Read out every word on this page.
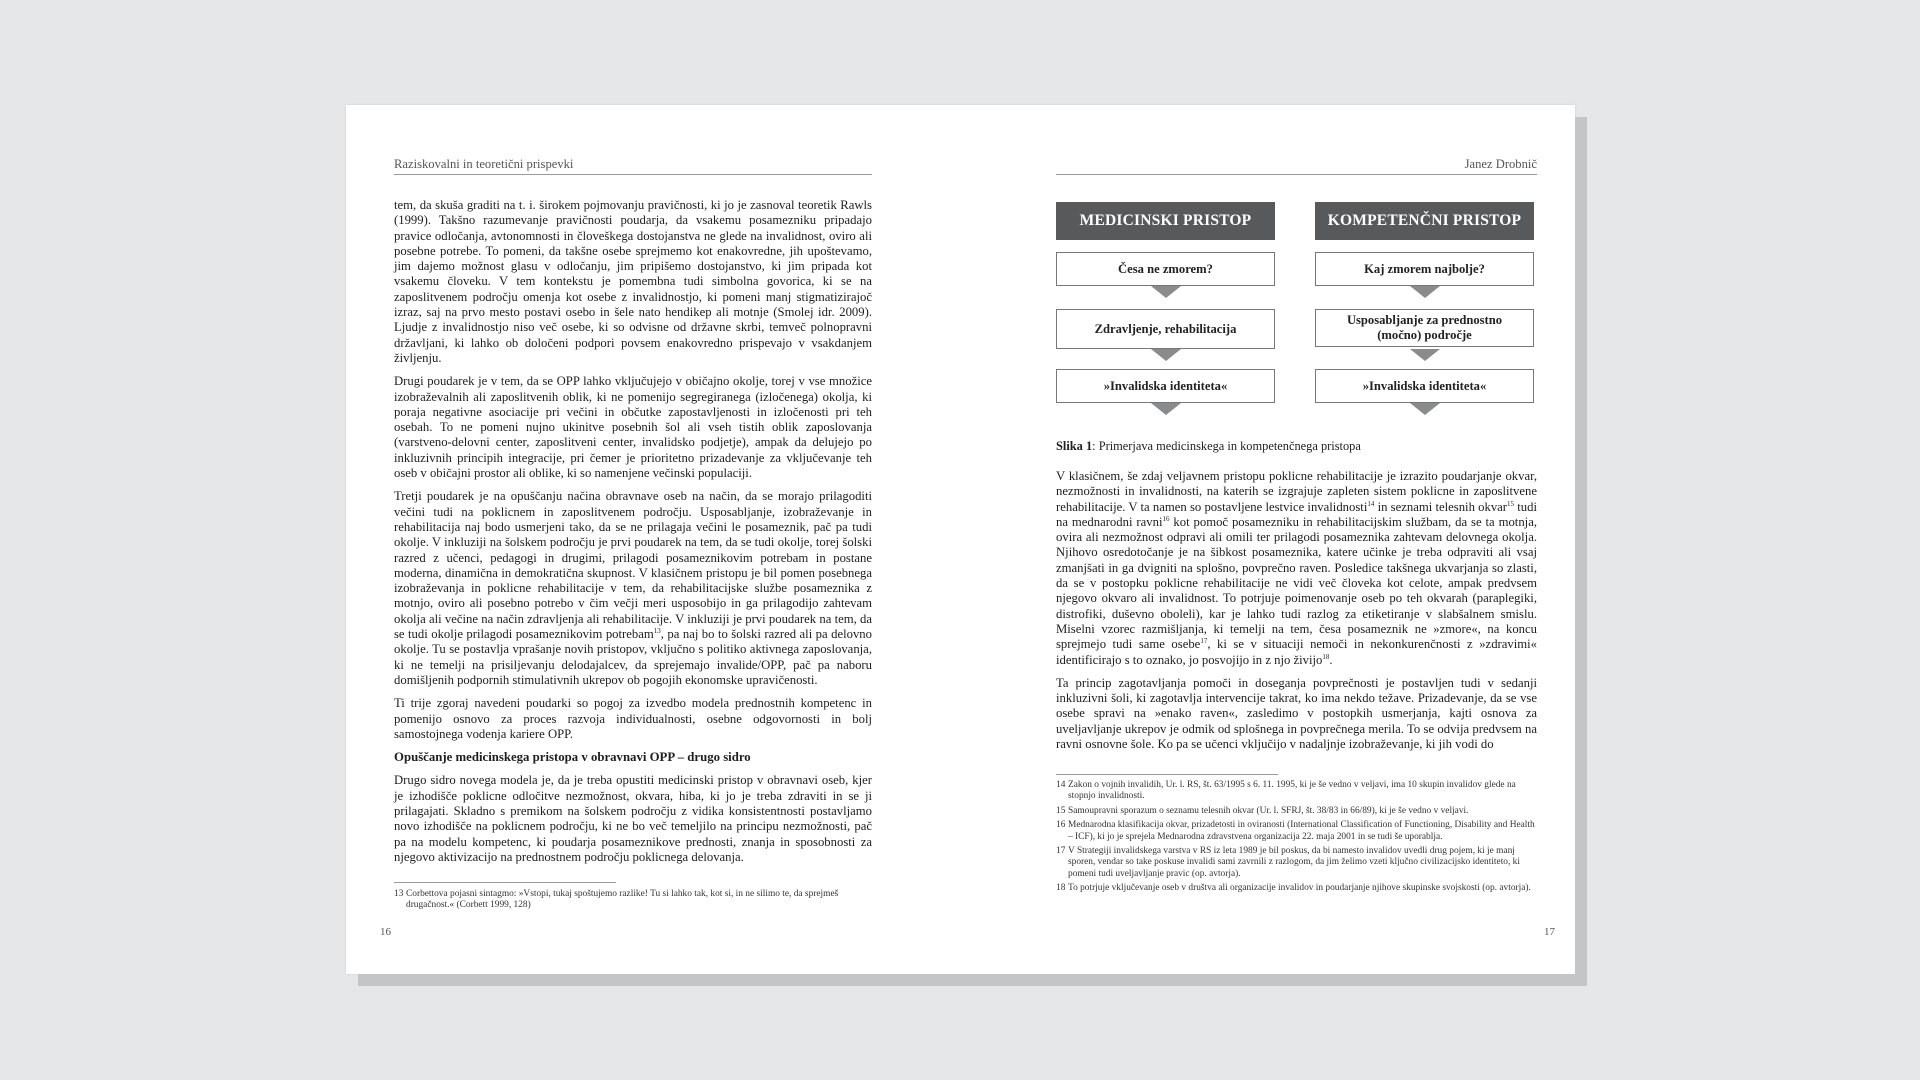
Raziskovalni in teoretični prispevki

tem, da skuša graditi na t. i. širokem pojmovanju pravičnosti, ki jo je zasnoval teoretik Rawls (1999). Takšno razumevanje pravičnosti poudarja, da vsakemu posamezniku pripadajo pravice odločanja, avtonomnosti in človeškega dostojanstva ne glede na invalidnost, oviro ali posebne potrebe. To pomeni, da takšne osebe sprejmemo kot enakovredne, jih upoštevamo, jim dajemo možnost glasu v odločanju, jim pripišemo dostojanstvo, ki jim pripada kot vsakemu človeku. V tem kontekstu je pomembna tudi simbolna govorica, ki se na zaposlitvenem področju omenja kot osebe z invalidnostjo, ki pomeni manj stigmatizirajoč izraz, saj na prvo mesto postavi osebo in šele nato hendikep ali motnje (Smolej idr. 2009). Ljudje z invalidnostjo niso več osebe, ki so odvisne od državne skrbi, temveč polnopravni državljani, ki lahko ob določeni podpori povsem enakovredno prispevajo v vsakdanjem življenju.

Drugi poudarek je v tem, da se OPP lahko vključujejo v običajno okolje, torej v vse množice izobraževalnih ali zaposlitvenih oblik, ki ne pomenijo segregiranega (izločenega) okolja, ki poraja negativne asociacije pri večini in občutke zapostavljenosti in izločenosti pri teh osebah. To ne pomeni nujno ukinitve posebnih šol ali vseh tistih oblik zaposlovanja (varstveno-delovni center, zaposlitveni center, invalidsko podjetje), ampak da delujejo po inkluzivnih principih integracije, pri čemer je prioritetno prizadevanje za vključevanje teh oseb v običajni prostor ali oblike, ki so namenjene večinski populaciji.

Tretji poudarek je na opuščanju načina obravnave oseb na način, da se morajo prilagoditi večini tudi na poklicnem in zaposlitvenem področju. Usposabljanje, izobraževanje in rehabilitacija naj bodo usmerjeni tako, da se ne prilagaja večini le posameznik, pač pa tudi okolje. V inkluziji na šolskem področju je prvi poudarek na tem, da se tudi okolje, torej šolski razred z učenci, pedagogi in drugimi, prilagodi posameznikovim potrebam in postane moderna, dinamična in demokratična skupnost. V klasičnem pristopu je bil pomen posebnega izobraževanja in poklicne rehabilitacije v tem, da rehabilitacijske službe posameznika z motnjo, oviro ali posebno potrebo v čim večji meri usposobijo in ga prilagodijo zahtevam okolja ali večine na način zdravljenja ali rehabilitacije. V inkluziji je prvi poudarek na tem, da se tudi okolje prilagodi posameznikovim potrebam$^{13}$, pa naj bo to šolski razred ali pa delovno okolje. Tu se postavlja vprašanje novih pristopov, vključno s politiko aktivnega zaposlovanja, ki ne temelji na prisiljevanju delodajalcev, da sprejemajo invalide/OPP, pač pa naboru domišljenih podpornih stimulativnih ukrepov ob pogojih ekonomske upravičenosti.

Ti trije zgoraj navedeni poudarki so pogoj za izvedbo modela prednostnih kompetenc in pomenijo osnovo za proces razvoja individualnosti, osebne odgovornosti in bolj samostojnega vodenja kariere OPP.

Opuščanje medicinskega pristopa v obravnavi OPP – drugo sidro

Drugo sidro novega modela je, da je treba opustiti medicinski pristop v obravnavi oseb, kjer je izhodišče poklicne odločitve nezmožnost, okvara, hiba, ki jo je treba zdraviti in se ji prilagajati. Skladno s premikom na šolskem področju z vidika konsistentnosti postavljamo novo izhodišče na poklicnem področju, ki ne bo več temeljilo na principu nezmožnosti, pač pa na modelu kompetenc, ki poudarja posameznikove prednosti, znanja in sposobnosti za njegovo aktivizacijo na prednostnem področju poklicnega delovanja.

13 Corbettova pojasni sintagmo: »Vstopi, tukaj spoštujemo razlike! Tu si lahko tak, kot si, in ne silimo te, da sprejmeš drugačnost.« (Corbett 1999, 128)
16
Janez Drobnič
MEDICINSKI PRISTOP
Česa ne zmorem?
Zdravljenje, rehabilitacija
»Invalidska identiteta«
KOMPETENČNI PRISTOP
Kaj zmorem najbolje?
Usposabljanje za prednostno (močno) področje
»Invalidska identiteta«
Slika 1: Primerjava medicinskega in kompetenčnega pristopa

V klasičnem, še zdaj veljavnem pristopu poklicne rehabilitacije je izrazito poudarjanje okvar, nezmožnosti in invalidnosti, na katerih se izgrajuje zapleten sistem poklicne in zaposlitvene rehabilitacije. V ta namen so postavljene lestvice invalidnosti$^{14}$ in seznami telesnih okvar$^{15}$ tudi na mednarodni ravni$^{16}$ kot pomoč posamezniku in rehabilitacijskim službam, da se ta motnja, ovira ali nezmožnost odpravi ali omili ter prilagodi posameznika zahtevam delovnega okolja. Njihovo osredotočanje je na šibkost posameznika, katere učinke je treba odpraviti ali vsaj zmanjšati in ga dvigniti na splošno, povprečno raven. Posledice takšnega ukvarjanja so zlasti, da se v postopku poklicne rehabilitacije ne vidi več človeka kot celote, ampak predvsem njegovo okvaro ali invalidnost. To potrjuje poimenovanje oseb po teh okvarah (paraplegiki, distrofiki, duševno oboleli), kar je lahko tudi razlog za etiketiranje v slabšalnem smislu. Miselni vzorec razmišljanja, ki temelji na tem, česa posameznik ne »zmore«, na koncu sprejmejo tudi same osebe$^{17}$, ki se v situaciji nemoči in nekonkurenčnosti z »zdravimi« identificirajo s to oznako, jo posvojijo in z njo živijo$^{18}$.

Ta princip zagotavljanja pomoči in doseganja povprečnosti je postavljen tudi v sedanji inkluzivni šoli, ki zagotavlja intervencije takrat, ko ima nekdo težave. Prizadevanje, da se vse osebe spravi na »enako raven«, zasledimo v postopkih usmerjanja, kajti osnova za uveljavljanje ukrepov je odmik od splošnega in povprečnega merila. To se odvija predvsem na ravni osnovne šole. Ko pa se učenci vključijo v nadaljnje izobraževanje, ki jih vodi do

14 Zakon o vojnih invalidih, Ur. l. RS, št. 63/1995 s 6. 11. 1995, ki je še vedno v veljavi, ima 10 skupin invalidov glede na stopnjo invalidnosti.
15 Samoupravni sporazum o seznamu telesnih okvar (Ur. l. SFRJ, št. 38/83 in 66/89), ki je še vedno v veljavi.
16 Mednarodna klasifikacija okvar, prizadetosti in oviranosti (International Classification of Functioning, Disability and Health – ICF), ki jo je sprejela Mednarodna zdravstvena organizacija 22. maja 2001 in se tudi še uporablja.
17 V Strategiji invalidskega varstva v RS iz leta 1989 je bil poskus, da bi namesto invalidov uvedli drug pojem, ki je manj sporen, vendar so take poskuse invalidi sami zavrnili z razlogom, da jim želimo vzeti ključno civilizacijsko identiteto, ki pomeni tudi uveljavljanje pravic (op. avtorja).
18 To potrjuje vključevanje oseb v društva ali organizacije invalidov in poudarjanje njihove skupinske svojskosti (op. avtorja).
17
